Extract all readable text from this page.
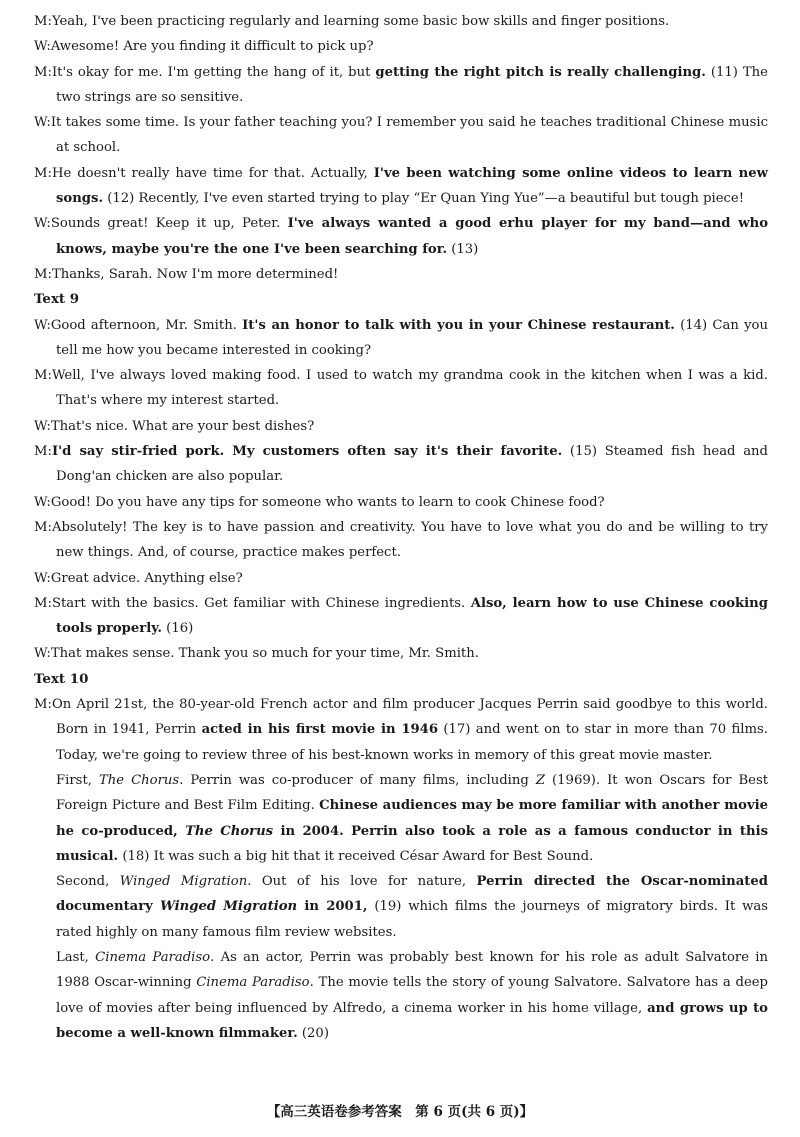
M:Yeah, I've been practicing regularly and learning some basic bow skills and finger positions.

W:Awesome! Are you finding it difficult to pick up?

M:It's okay for me. I'm getting the hang of it, but getting the right pitch is really challenging. (11) The two strings are so sensitive.

W:It takes some time. Is your father teaching you? I remember you said he teaches traditional Chinese music at school.

M:He doesn't really have time for that. Actually, I've been watching some online videos to learn new songs. (12) Recently, I've even started trying to play “Er Quan Ying Yue”—a beautiful but tough piece!

W:Sounds great! Keep it up, Peter. I've always wanted a good erhu player for my band—and who knows, maybe you're the one I've been searching for. (13)

M:Thanks, Sarah. Now I'm more determined!

Text 9

W:Good afternoon, Mr. Smith. It's an honor to talk with you in your Chinese restaurant. (14) Can you tell me how you became interested in cooking?

M:Well, I've always loved making food. I used to watch my grandma cook in the kitchen when I was a kid. That's where my interest started.

W:That's nice. What are your best dishes?

M:I'd say stir-fried pork. My customers often say it's their favorite. (15) Steamed fish head and Dong'an chicken are also popular.

W:Good! Do you have any tips for someone who wants to learn to cook Chinese food?

M:Absolutely! The key is to have passion and creativity. You have to love what you do and be willing to try new things. And, of course, practice makes perfect.

W:Great advice. Anything else?

M:Start with the basics. Get familiar with Chinese ingredients. Also, learn how to use Chinese cooking tools properly. (16)

W:That makes sense. Thank you so much for your time, Mr. Smith.

Text 10

M:On April 21st, the 80-year-old French actor and film producer Jacques Perrin said goodbye to this world. Born in 1941, Perrin acted in his first movie in 1946 (17) and went on to star in more than 70 films. Today, we're going to review three of his best-known works in memory of this great movie master.

First, The Chorus. Perrin was co-producer of many films, including Z (1969). It won Oscars for Best Foreign Picture and Best Film Editing. Chinese audiences may be more familiar with another movie he co-produced, The Chorus in 2004. Perrin also took a role as a famous conductor in this musical. (18) It was such a big hit that it received César Award for Best Sound.

Second, Winged Migration. Out of his love for nature, Perrin directed the Oscar-nominated documentary Winged Migration in 2001, (19) which films the journeys of migratory birds. It was rated highly on many famous film review websites.

Last, Cinema Paradiso. As an actor, Perrin was probably best known for his role as adult Salvatore in 1988 Oscar-winning Cinema Paradiso. The movie tells the story of young Salvatore. Salvatore has a deep love of movies after being influenced by Alfredo, a cinema worker in his home village, and grows up to become a well-known filmmaker. (20)

【高三英语卷参考答案　第 6 页(共 6 页)】
